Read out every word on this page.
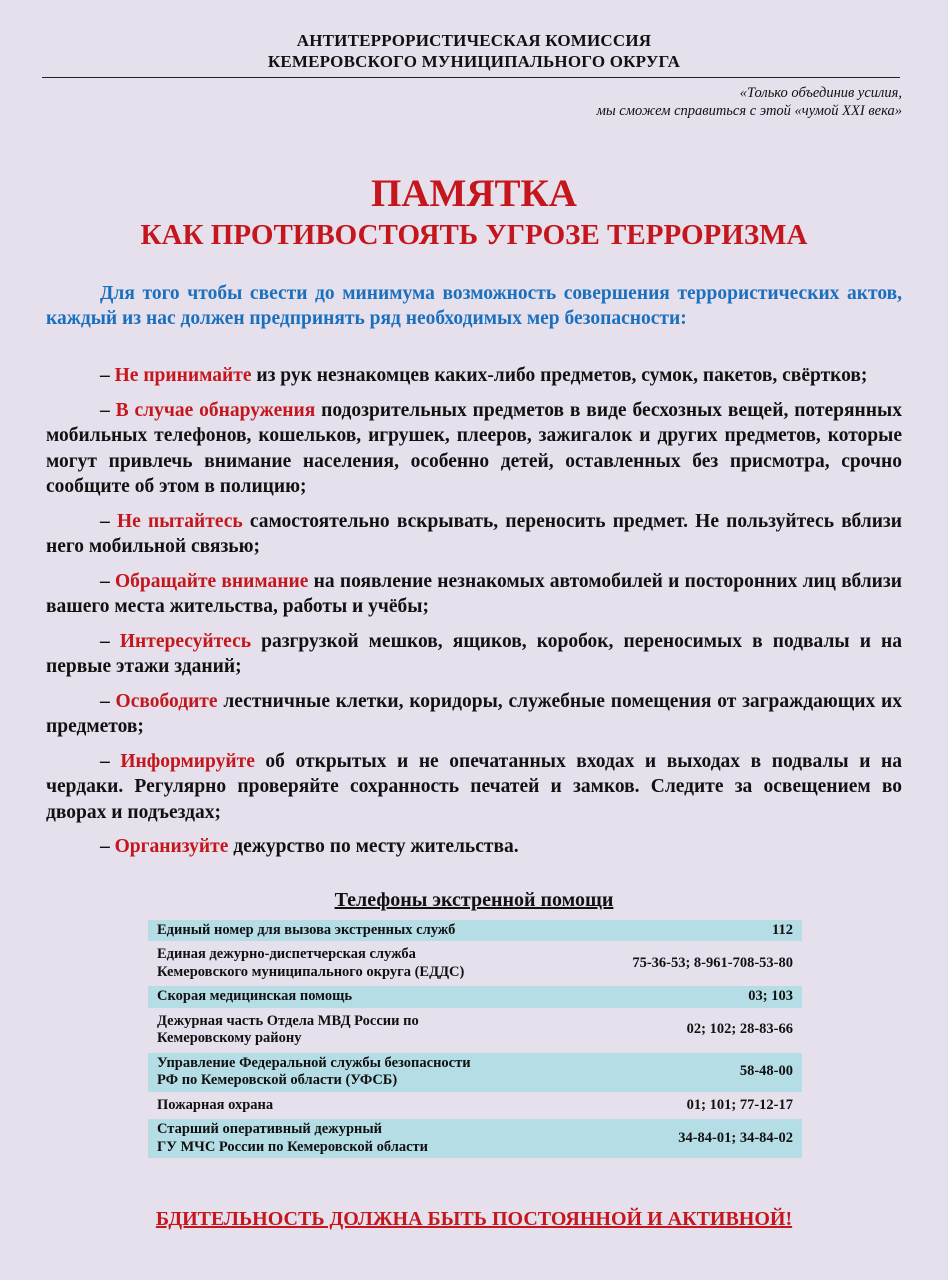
АНТИТЕРРОРИСТИЧЕСКАЯ КОМИССИЯ
КЕМЕРОВСКОГО МУНИЦИПАЛЬНОГО ОКРУГА
«Только объединив усилия,
мы сможем справиться с этой «чумой XXI века»
ПАМЯТКА
КАК ПРОТИВОСТОЯТЬ УГРОЗЕ ТЕРРОРИЗМА
Для того чтобы свести до минимума возможность совершения террористических актов, каждый из нас должен предпринять ряд необходимых мер безопасности:
– Не принимайте из рук незнакомцев каких-либо предметов, сумок, пакетов, свёртков;
– В случае обнаружения подозрительных предметов в виде бесхозных вещей, потерянных мобильных телефонов, кошельков, игрушек, плееров, зажигалок и других предметов, которые могут привлечь внимание населения, особенно детей, оставленных без присмотра, срочно сообщите об этом в полицию;
– Не пытайтесь самостоятельно вскрывать, переносить предмет. Не пользуйтесь вблизи него мобильной связью;
– Обращайте внимание на появление незнакомых автомобилей и посторонних лиц вблизи вашего места жительства, работы и учёбы;
– Интересуйтесь разгрузкой мешков, ящиков, коробок, переносимых в подвалы и на первые этажи зданий;
– Освободите лестничные клетки, коридоры, служебные помещения от заграждающих их предметов;
– Информируйте об открытых и не опечатанных входах и выходах в подвалы и на чердаки. Регулярно проверяйте сохранность печатей и замков. Следите за освещением во дворах и подъездах;
– Организуйте дежурство по месту жительства.
Телефоны экстренной помощи
Единый номер для вызова экстренных служб	112

Единая дежурно-диспетчерская служба
Кемеровского муниципального округа (ЕДДС)	75-36-53; 8-961-708-53-80

Скорая медицинская помощь	03; 103

Дежурная часть Отдела МВД России по
Кемеровскому району	02; 102; 28-83-66

Управление Федеральной службы безопасности
РФ по Кемеровской области (УФСБ)	58-48-00

Пожарная охрана	01; 101; 77-12-17

Старший оперативный дежурный
ГУ МЧС России по Кемеровской области	34-84-01; 34-84-02
БДИТЕЛЬНОСТЬ ДОЛЖНА БЫТЬ ПОСТОЯННОЙ И АКТИВНОЙ!
